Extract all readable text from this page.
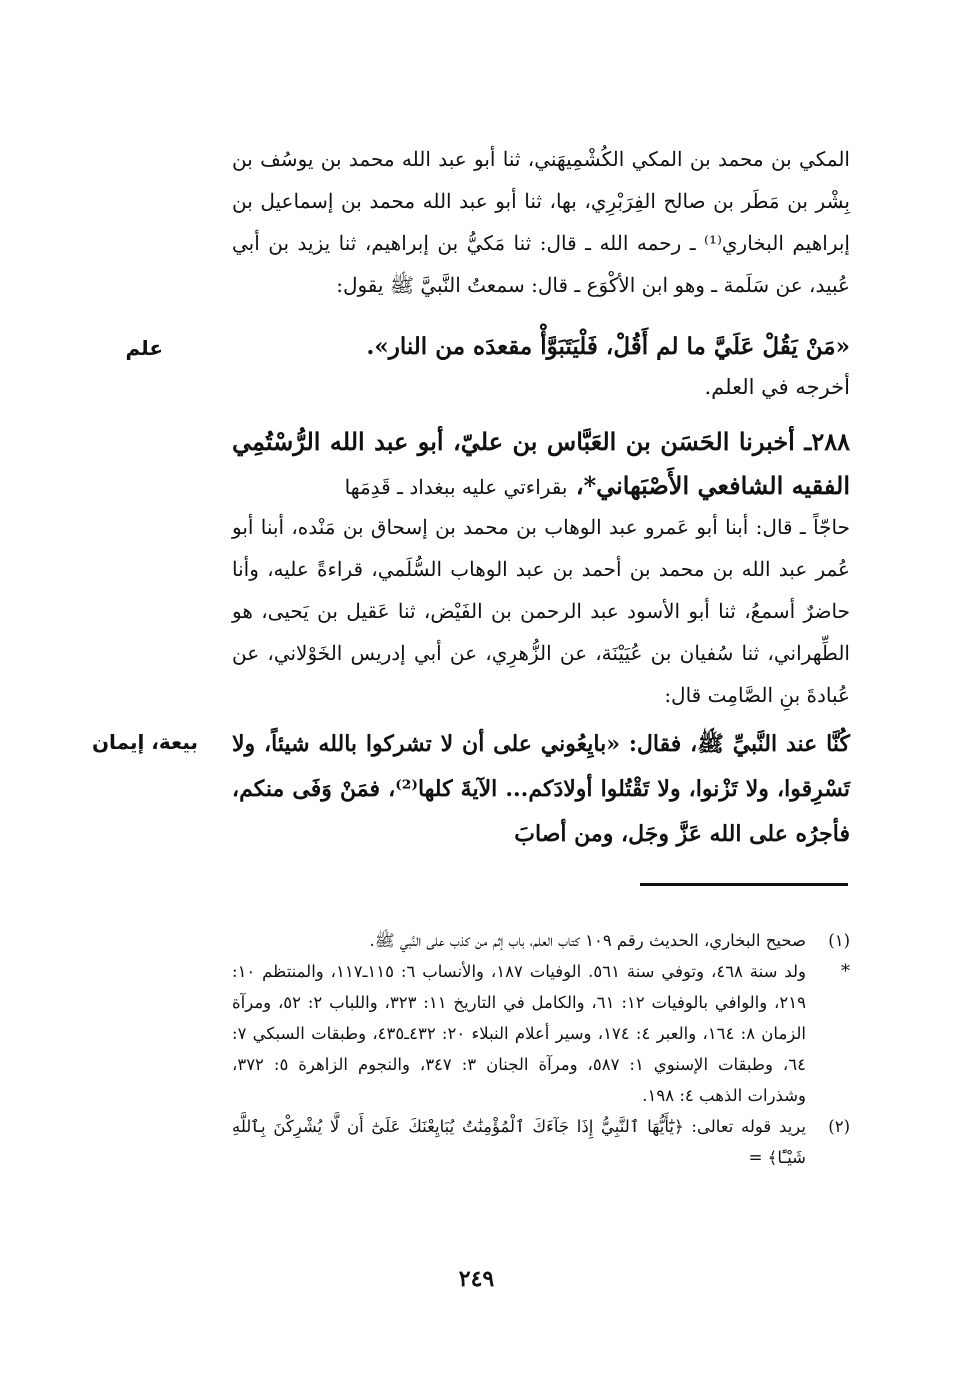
المكي بن محمد بن المكي الكُشْمِيهَني، ثنا أبو عبد الله محمد بن يوسُف بن بِشْر بن مَطَر بن صالح الفِرَبْرِي، بها، ثنا أبو عبد الله محمد بن إسماعيل بن إبراهيم البخاري⁽¹⁾ ـ رحمه الله ـ قال: ثنا مَكيُّ بن إبراهيم، ثنا يزيد بن أبي عُبيد، عن سَلَمة ـ وهو ابن الأكْوَع ـ قال: سمعتُ النَّبيَّ ﷺ يقول:

«مَنْ يَقُلْ عَلَيَّ ما لم أَقُلْ، فَلْيَتَبَوَّأْ مقعدَه من النار».

علم

أخرجه في العلم.

٢٨٨ـ أخبرنا الحَسَن بن العَبَّاس بن عليّ، أبو عبد الله الرُّسْتُمِي الفقيه الشافعي الأَصْبَهاني*، بقراءتي عليه ببغداد ـ قَدِمَها

حاجّاً ـ قال: أبنا أبو عَمرو عبد الوهاب بن محمد بن إسحاق بن مَنْده، أبنا أبو عُمر عبد الله بن محمد بن أحمد بن عبد الوهاب السُّلَمي، قراءةً عليه، وأنا حاضرٌ أسمعُ، ثنا أبو الأسود عبد الرحمن بن الفَيْض، ثنا عَقيل بن يَحيى، هو الطِّهراني، ثنا سُفيان بن عُيَيْنَة، عن الزُّهرِي، عن أبي إدريس الخَوْلاني، عن عُبادةَ بنِ الصَّامِت قال:

بيعة، إيمان كُنَّا عند النَّبيِّ ﷺ، فقال: «بايِعُوني على أن لا تشركوا بالله شيئاً، ولا تَسْرِقوا، ولا تَزْنوا، ولا تَقْتُلوا أولادَكم... الآيةَ كلها⁽²⁾، فمَنْ وَفَى منكم، فأجرُه على الله عَزَّ وجَل، ومن أصابَ

(١)
صحيح البخاري، الحديث رقم ١٠٩ كتاب العلم، باب إثم من كذب على النَّبي ﷺ.

*
ولد سنة ٤٦٨، وتوفي سنة ٥٦١. الوفيات ١٨٧، والأنساب ٦: ١١٥ـ١١٧، والمنتظم ١٠: ٢١٩، والوافي بالوفيات ١٢: ٦١، والكامل في التاريخ ١١: ٣٢٣، واللباب ٢: ٥٢، ومرآة الزمان ٨: ١٦٤، والعبر ٤: ١٧٤، وسير أعلام النبلاء ٢٠: ٤٣٢ـ٤٣٥، وطبقات السبكي ٧: ٦٤، وطبقات الإسنوي ١: ٥٨٧، ومرآة الجنان ٣: ٣٤٧، والنجوم الزاهرة ٥: ٣٧٢، وشذرات الذهب ٤: ١٩٨.

(٢)
يريد قوله تعالى: ﴿يَٰٓأَيُّهَا ٱلنَّبِيُّ إِذَا جَآءَكَ ٱلْمُؤْمِنَٰتُ يُبَايِعْنَكَ عَلَىٰٓ أَن لَّا يُشْرِكْنَ بِٱللَّهِ شَيْـًٔا﴾ =

٢٤٩
